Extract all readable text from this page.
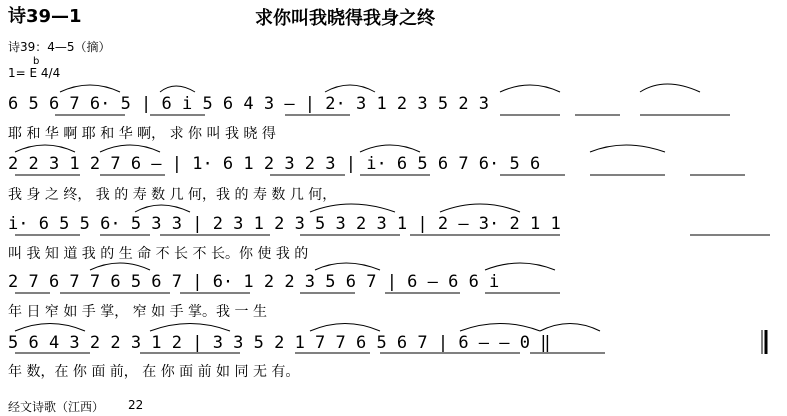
诗39—1	求你叫我晓得我身之终
诗39：4—5（摘）
b
1= E 4/4
6 5 6 7 6· 5 | 6 i 5 6 4 3 – | 2· 3 1 2 3 5 2 3
耶 和 华 啊 耶 和 华 啊， 求 你 叫 我 晓 得
2 2 3 1 2 7 6 – | 1· 6 1 2 3 2 3 | i· 6 5 6 7 6· 5 6
我 身 之 终， 我 的 寿 数 几 何，我 的 寿 数 几 何，
i· 6 5 5 6· 5 3 3 | 2 3 1 2 3 5 3 2 3 1 | 2 – 3· 2 1 1
叫 我 知 道 我 的 生 命 不 长 不 长。你 使 我 的
2 7 6 7 7 6 5 6 7 | 6· 1 2 2 3 5 6 7 | 6 – 6 6 i
年 日 窄 如 手 掌， 窄 如 手 掌。我 一 生
5 6 4 3 2 2 3 1 2 | 3 3 5 2 1 7 7 6 5 6 7 | 6 – – 0 ‖
年 数，在 你 面 前， 在 你 面 前 如 同 无 有。
经文诗歌（江西） 22
